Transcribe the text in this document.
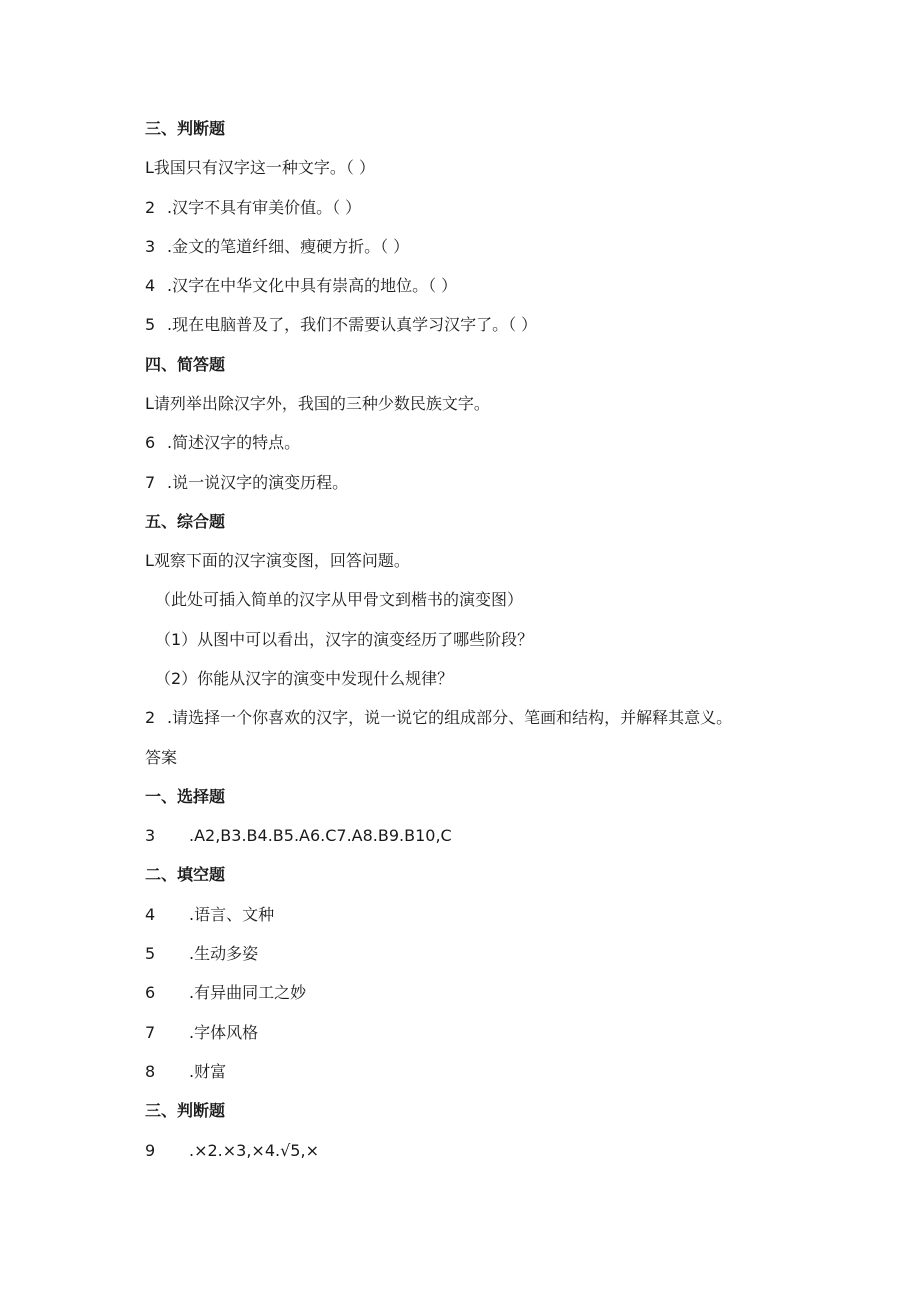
三、判断题
L我国只有汉字这一种文字。（ ）
2 .汉字不具有审美价值。（ ）
3 .金文的笔道纤细、瘦硬方折。（ ）
4 .汉字在中华文化中具有崇高的地位。（ ）
5 .现在电脑普及了，我们不需要认真学习汉字了。（ ）
四、简答题
L请列举出除汉字外，我国的三种少数民族文字。
6 .简述汉字的特点。
7 .说一说汉字的演变历程。
五、综合题
L观察下面的汉字演变图，回答问题。
（此处可插入简单的汉字从甲骨文到楷书的演变图）
（1）从图中可以看出，汉字的演变经历了哪些阶段？
（2）你能从汉字的演变中发现什么规律？
2 .请选择一个你喜欢的汉字，说一说它的组成部分、笔画和结构，并解释其意义。
答案
一、选择题
3 .A2,B3.B4.B5.A6.C7.A8.B9.B10,C
二、填空题
4 .语言、文种
5 .生动多姿
6 .有异曲同工之妙
7 .字体风格
8 .财富
三、判断题
9 .×2.×3,×4.√5,×
